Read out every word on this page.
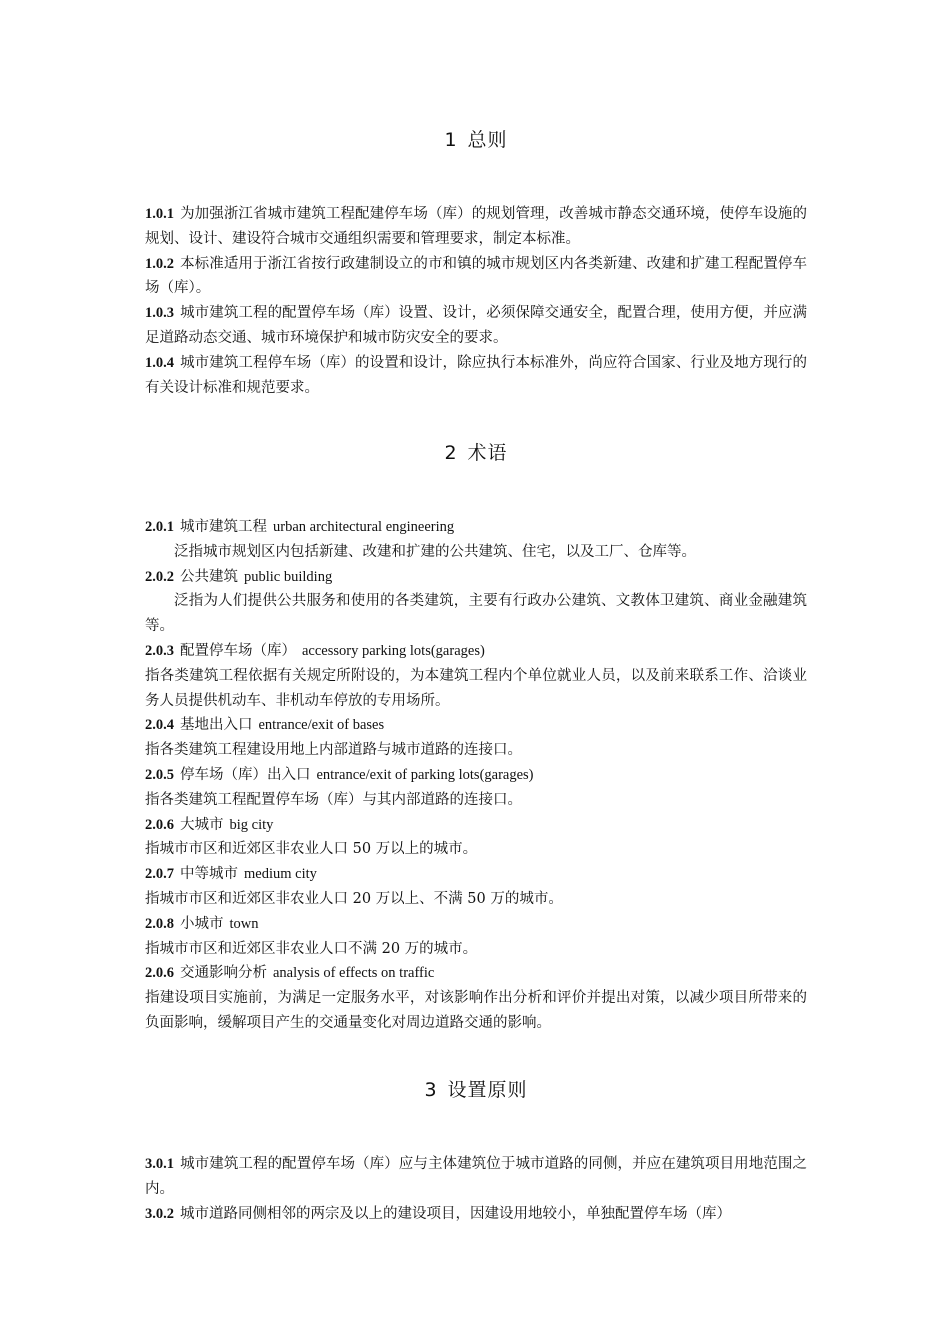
1 总则

1.0.1 为加强浙江省城市建筑工程配建停车场（库）的规划管理，改善城市静态交通环境，使停车设施的规划、设计、建设符合城市交通组织需要和管理要求，制定本标准。

1.0.2 本标准适用于浙江省按行政建制设立的市和镇的城市规划区内各类新建、改建和扩建工程配置停车场（库）。

1.0.3 城市建筑工程的配置停车场（库）设置、设计，必须保障交通安全，配置合理，使用方便，并应满足道路动态交通、城市环境保护和城市防灾安全的要求。

1.0.4 城市建筑工程停车场（库）的设置和设计，除应执行本标准外，尚应符合国家、行业及地方现行的有关设计标准和规范要求。

2 术语

2.0.1 城市建筑工程 urban architectural engineering

泛指城市规划区内包括新建、改建和扩建的公共建筑、住宅，以及工厂、仓库等。

2.0.2 公共建筑 public building

泛指为人们提供公共服务和使用的各类建筑，主要有行政办公建筑、文教体卫建筑、商业金融建筑等。

2.0.3 配置停车场（库） accessory parking lots(garages)

指各类建筑工程依据有关规定所附设的，为本建筑工程内个单位就业人员，以及前来联系工作、洽谈业务人员提供机动车、非机动车停放的专用场所。

2.0.4 基地出入口 entrance/exit of bases

指各类建筑工程建设用地上内部道路与城市道路的连接口。

2.0.5 停车场（库）出入口 entrance/exit of parking lots(garages)

指各类建筑工程配置停车场（库）与其内部道路的连接口。

2.0.6 大城市 big city

指城市市区和近郊区非农业人口 50 万以上的城市。

2.0.7 中等城市 medium city

指城市市区和近郊区非农业人口 20 万以上、不满 50 万的城市。

2.0.8 小城市 town

指城市市区和近郊区非农业人口不满 20 万的城市。

2.0.6 交通影响分析 analysis of effects on traffic

指建设项目实施前，为满足一定服务水平，对该影响作出分析和评价并提出对策，以减少项目所带来的负面影响，缓解项目产生的交通量变化对周边道路交通的影响。

3 设置原则

3.0.1 城市建筑工程的配置停车场（库）应与主体建筑位于城市道路的同侧，并应在建筑项目用地范围之内。

3.0.2 城市道路同侧相邻的两宗及以上的建设项目，因建设用地较小，单独配置停车场（库）
